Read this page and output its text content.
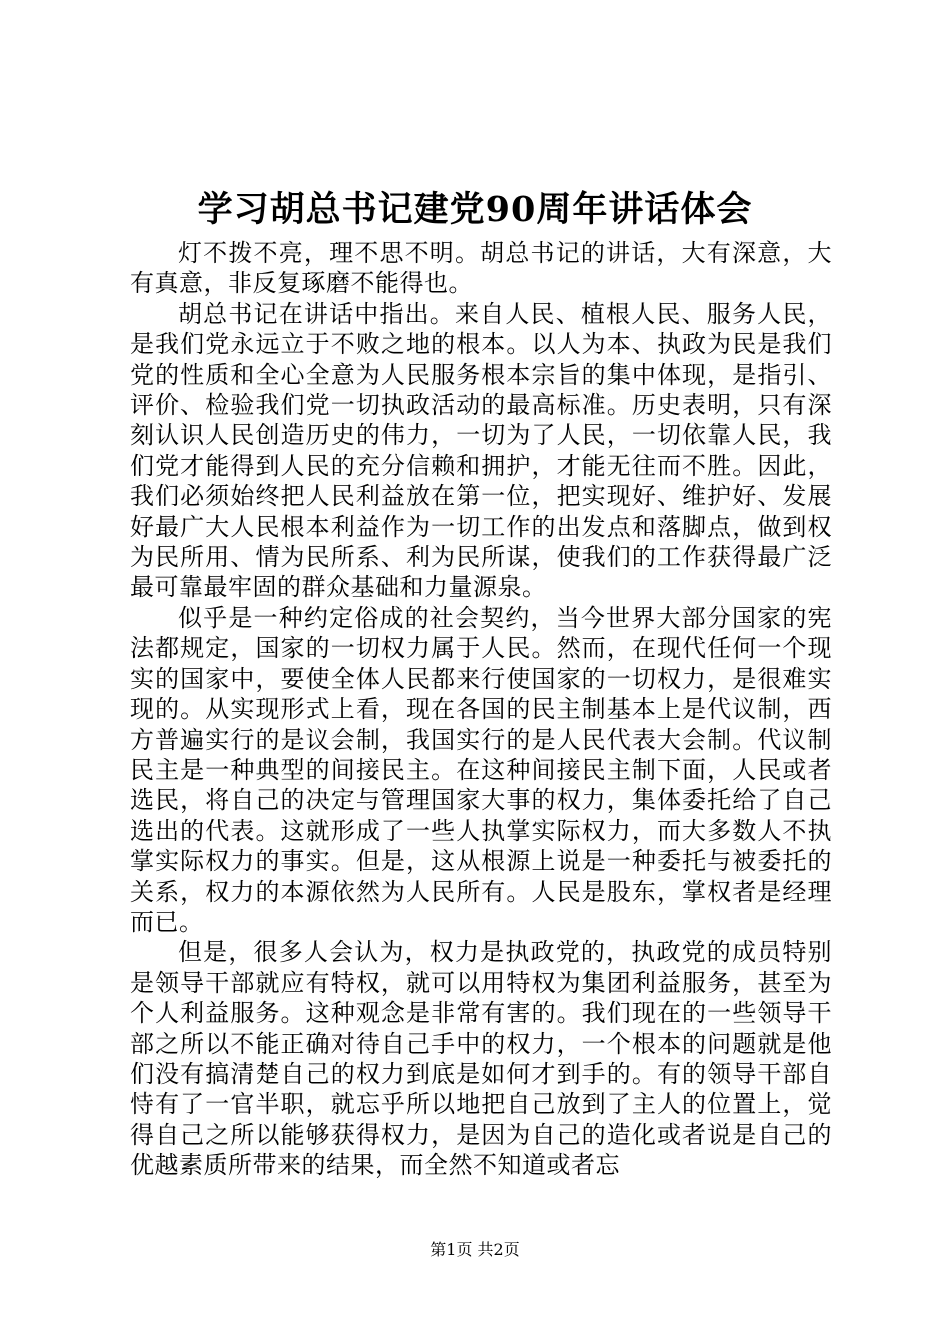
学习胡总书记建党90周年讲话体会

灯不拨不亮，理不思不明。胡总书记的讲话，大有深意，大有真意，非反复琢磨不能得也。

胡总书记在讲话中指出。来自人民、植根人民、服务人民，是我们党永远立于不败之地的根本。以人为本、执政为民是我们党的性质和全心全意为人民服务根本宗旨的集中体现，是指引、评价、检验我们党一切执政活动的最高标准。历史表明，只有深刻认识人民创造历史的伟力，一切为了人民，一切依靠人民，我们党才能得到人民的充分信赖和拥护，才能无往而不胜。因此，我们必须始终把人民利益放在第一位，把实现好、维护好、发展好最广大人民根本利益作为一切工作的出发点和落脚点，做到权为民所用、情为民所系、利为民所谋，使我们的工作获得最广泛最可靠最牢固的群众基础和力量源泉。

似乎是一种约定俗成的社会契约，当今世界大部分国家的宪法都规定，国家的一切权力属于人民。然而，在现代任何一个现实的国家中，要使全体人民都来行使国家的一切权力，是很难实现的。从实现形式上看，现在各国的民主制基本上是代议制，西方普遍实行的是议会制，我国实行的是人民代表大会制。代议制民主是一种典型的间接民主。在这种间接民主制下面，人民或者选民，将自己的决定与管理国家大事的权力，集体委托给了自己选出的代表。这就形成了一些人执掌实际权力，而大多数人不执掌实际权力的事实。但是，这从根源上说是一种委托与被委托的关系，权力的本源依然为人民所有。人民是股东，掌权者是经理而已。

但是，很多人会认为，权力是执政党的，执政党的成员特别是领导干部就应有特权，就可以用特权为集团利益服务，甚至为个人利益服务。这种观念是非常有害的。我们现在的一些领导干部之所以不能正确对待自己手中的权力，一个根本的问题就是他们没有搞清楚自己的权力到底是如何才到手的。有的领导干部自恃有了一官半职，就忘乎所以地把自己放到了主人的位置上，觉得自己之所以能够获得权力，是因为自己的造化或者说是自己的优越素质所带来的结果，而全然不知道或者忘

第1页 共2页
